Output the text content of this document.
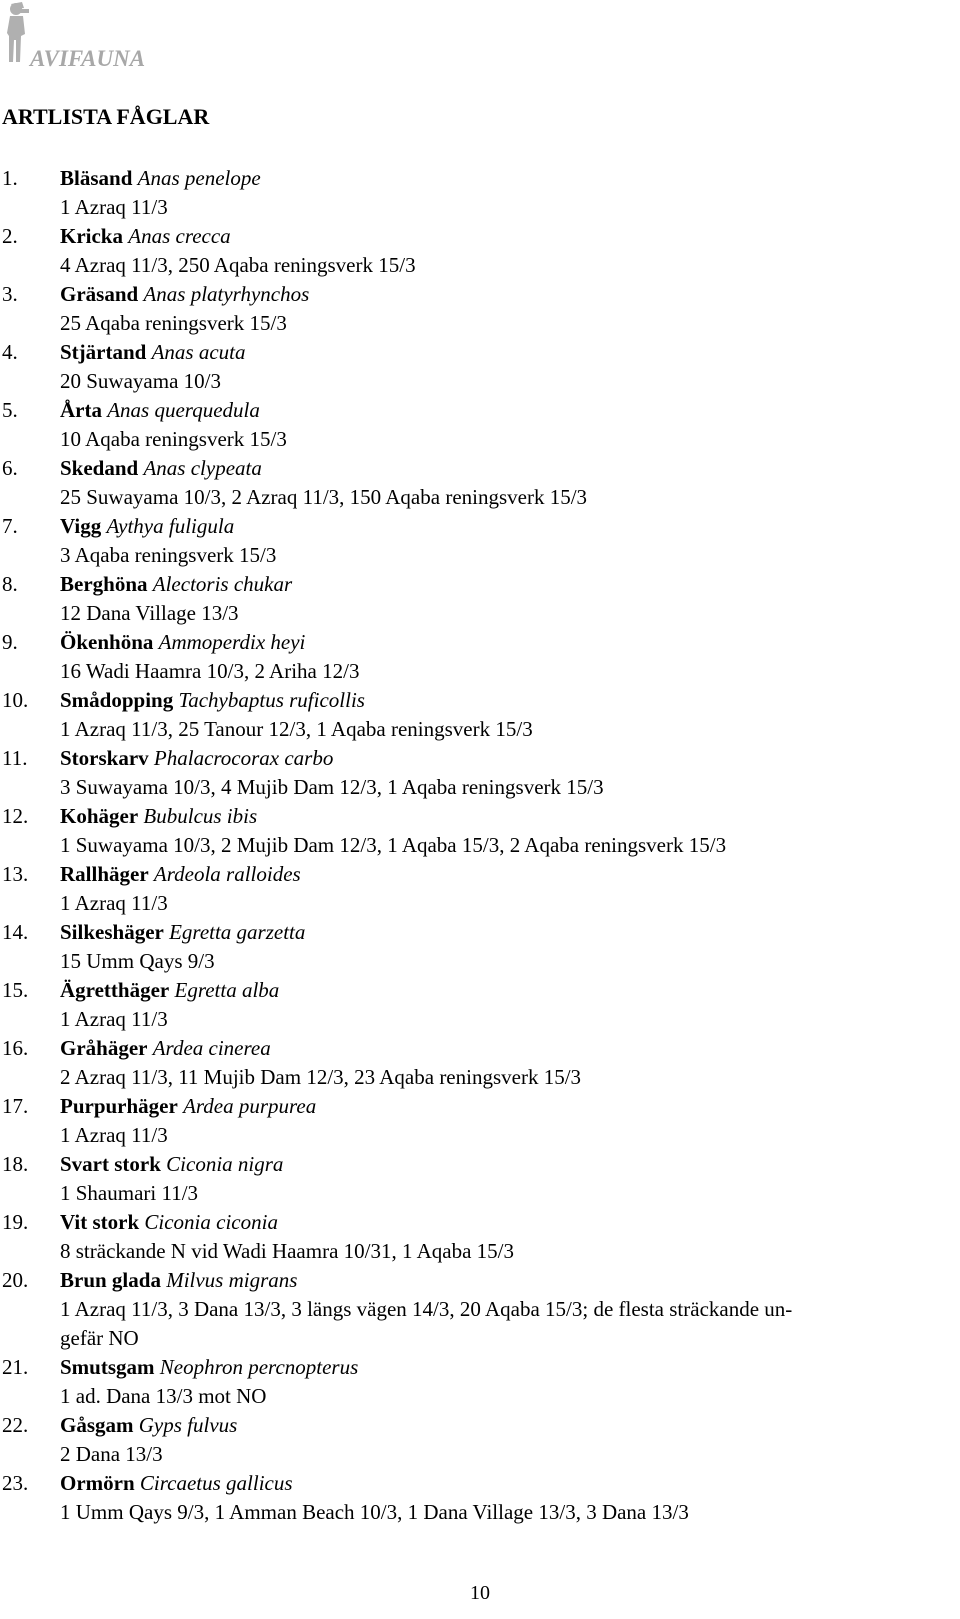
AVIFAUNA
ARTLISTA FÅGLAR
1. Bläsand Anas penelope
1 Azraq 11/3
2. Kricka Anas crecca
4 Azraq 11/3, 250 Aqaba reningsverk 15/3
3. Gräsand Anas platyrhynchos
25 Aqaba reningsverk 15/3
4. Stjärtand Anas acuta
20 Suwayama 10/3
5. Årta Anas querquedula
10 Aqaba reningsverk 15/3
6. Skedand Anas clypeata
25 Suwayama 10/3, 2 Azraq 11/3, 150 Aqaba reningsverk 15/3
7. Vigg Aythya fuligula
3 Aqaba reningsverk 15/3
8. Berghöna Alectoris chukar
12 Dana Village 13/3
9. Ökenhöna Ammoperdix heyi
16 Wadi Haamra 10/3, 2 Ariha 12/3
10. Smådopping Tachybaptus ruficollis
1 Azraq 11/3, 25 Tanour 12/3, 1 Aqaba reningsverk 15/3
11. Storskarv Phalacrocorax carbo
3 Suwayama 10/3, 4 Mujib Dam 12/3, 1 Aqaba reningsverk 15/3
12. Kohäger Bubulcus ibis
1 Suwayama 10/3, 2 Mujib Dam 12/3, 1 Aqaba 15/3, 2 Aqaba reningsverk 15/3
13. Rallhäger Ardeola ralloides
1 Azraq 11/3
14. Silkeshäger Egretta garzetta
15 Umm Qays 9/3
15. Ägretthäger Egretta alba
1 Azraq 11/3
16. Gråhäger Ardea cinerea
2 Azraq 11/3, 11 Mujib Dam 12/3, 23 Aqaba reningsverk 15/3
17. Purpurhäger Ardea purpurea
1 Azraq 11/3
18. Svart stork Ciconia nigra
1 Shaumari 11/3
19. Vit stork Ciconia ciconia
8 sträckande N vid Wadi Haamra 10/31, 1 Aqaba 15/3
20. Brun glada Milvus migrans
1 Azraq 11/3, 3 Dana 13/3, 3 längs vägen 14/3, 20 Aqaba 15/3; de flesta sträckande un-
gefär NO
21. Smutsgam Neophron percnopterus
1 ad. Dana 13/3 mot NO
22. Gåsgam Gyps fulvus
2 Dana 13/3
23. Ormörn Circaetus gallicus
1 Umm Qays 9/3, 1 Amman Beach 10/3, 1 Dana Village 13/3, 3 Dana 13/3
10
